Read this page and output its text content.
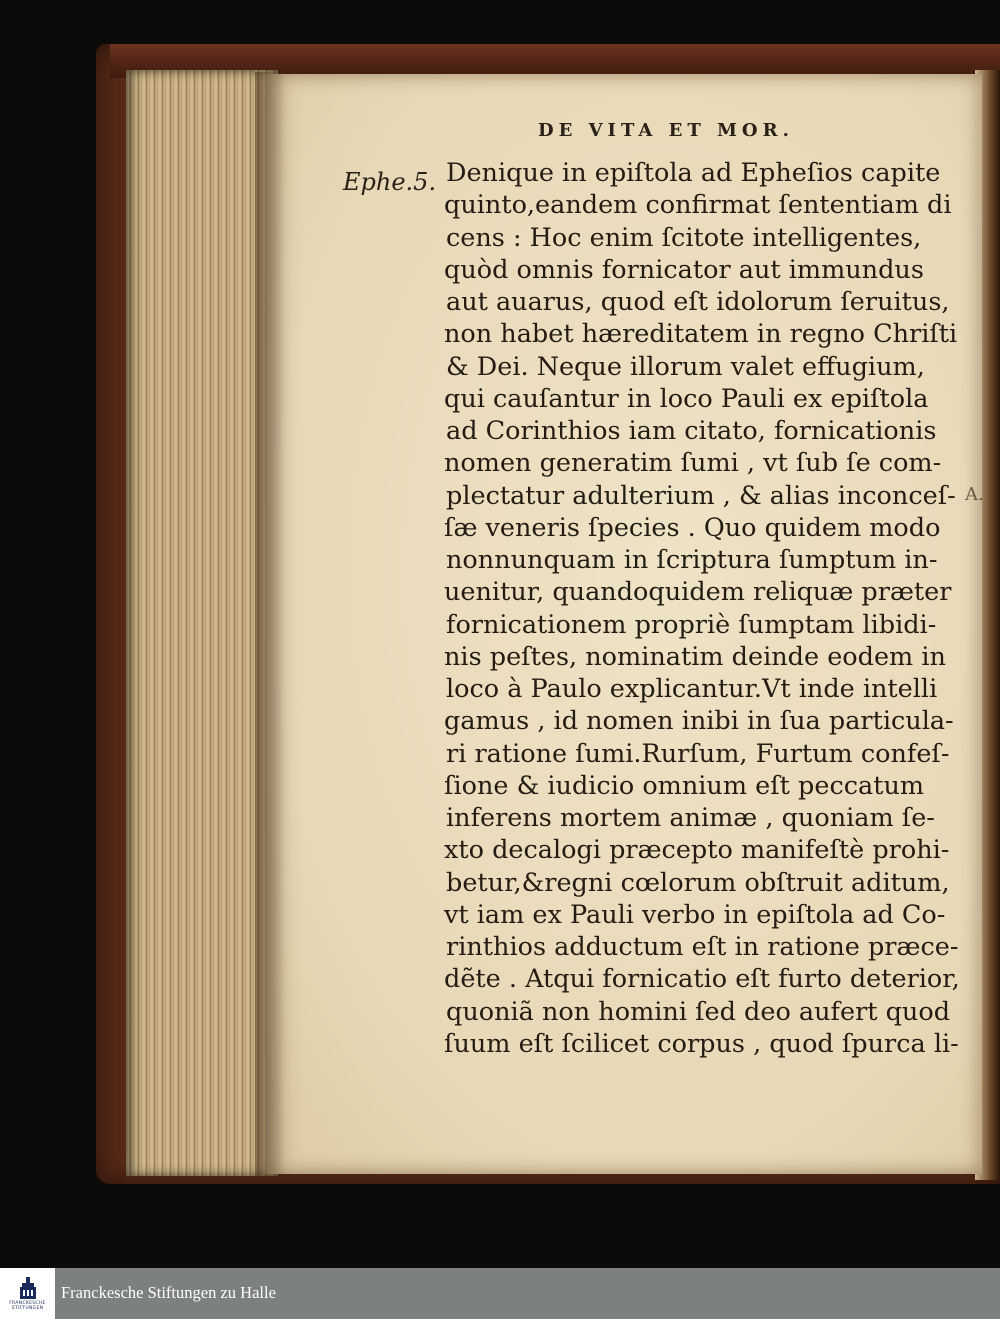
DE VITA ET MOR.
Ephe.5.
A.
Denique in epiſtola ad Epheſios capite
quinto,eandem confirmat ſententiam di
cens : Hoc enim ſcitote intelligentes,
quòd omnis fornicator aut immundus
aut auarus, quod eſt idolorum ſeruitus,
non habet hæreditatem in regno Chriſti
& Dei. Neque illorum valet effugium,
qui cauſantur in loco Pauli ex epiſtola
ad Corinthios iam citato, fornicationis
nomen generatim ſumi , vt ſub ſe com-
plectatur adulterium , & alias inconceſ-
ſæ veneris ſpecies . Quo quidem modo
nonnunquam in ſcriptura ſumptum in-
uenitur, quandoquidem reliquæ præter
fornicationem propriè ſumptam libidi-
nis peſtes, nominatim deinde eodem in
loco à Paulo explicantur.Vt inde intelli
gamus , id nomen inibi in ſua particula-
ri ratione ſumi.Rurſum, Furtum confeſ-
ſione & iudicio omnium eſt peccatum
inferens mortem animæ , quoniam ſe-
xto decalogi præcepto manifeſtè prohi-
betur,&regni cœlorum obſtruit aditum,
vt iam ex Pauli verbo in epiſtola ad Co-
rinthios adductum eſt in ratione præce-
dẽte . Atqui fornicatio eſt furto deterior,
quoniã non homini ſed deo aufert quod
ſuum eſt ſcilicet corpus , quod ſpurca li-
FRANCKESCHE
STIFTUNGEN
Franckesche Stiftungen zu Halle
